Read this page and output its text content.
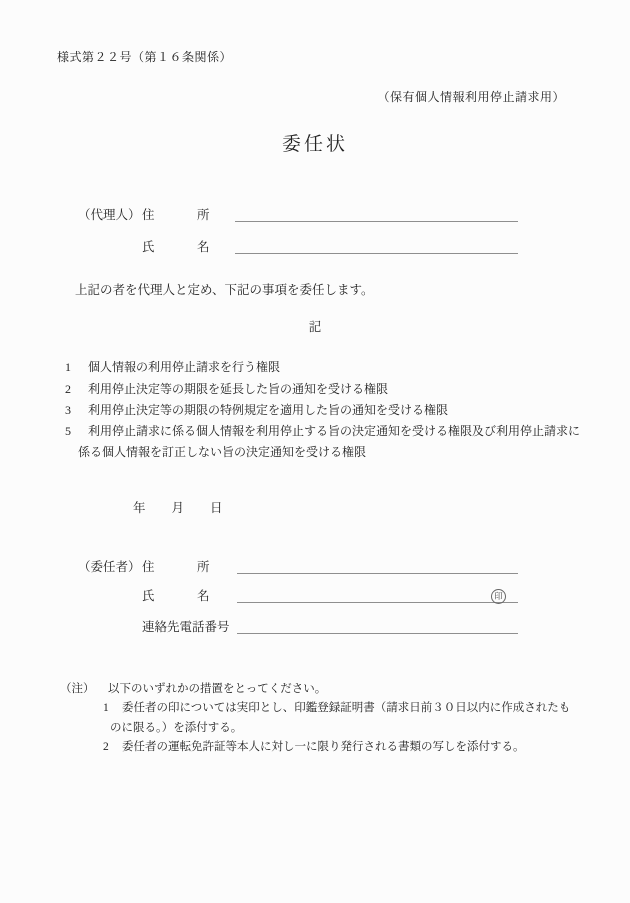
様式第２２号（第１６条関係）
（保有個人情報利用停止請求用）
委任状
（代理人） 住	所
氏	名
上記の者を代理人と定め、下記の事項を委任します。
記
1 個人情報の利用停止請求を行う権限
2 利用停止決定等の期限を延長した旨の通知を受ける権限
3 利用停止決定等の期限の特例規定を適用した旨の通知を受ける権限
5 利用停止請求に係る個人情報を利用停止する旨の決定通知を受ける権限及び利用停止請求に係る個人情報を訂正しない旨の決定通知を受ける権限
年 月 日
（委任者） 住	所
氏	名	印
連絡先電話番号
（注） 以下のいずれかの措置をとってください。
1 委任者の印については実印とし、印鑑登録証明書（請求日前３０日以内に作成されたものに限る。）を添付する。
2 委任者の運転免許証等本人に対し一に限り発行される書類の写しを添付する。
